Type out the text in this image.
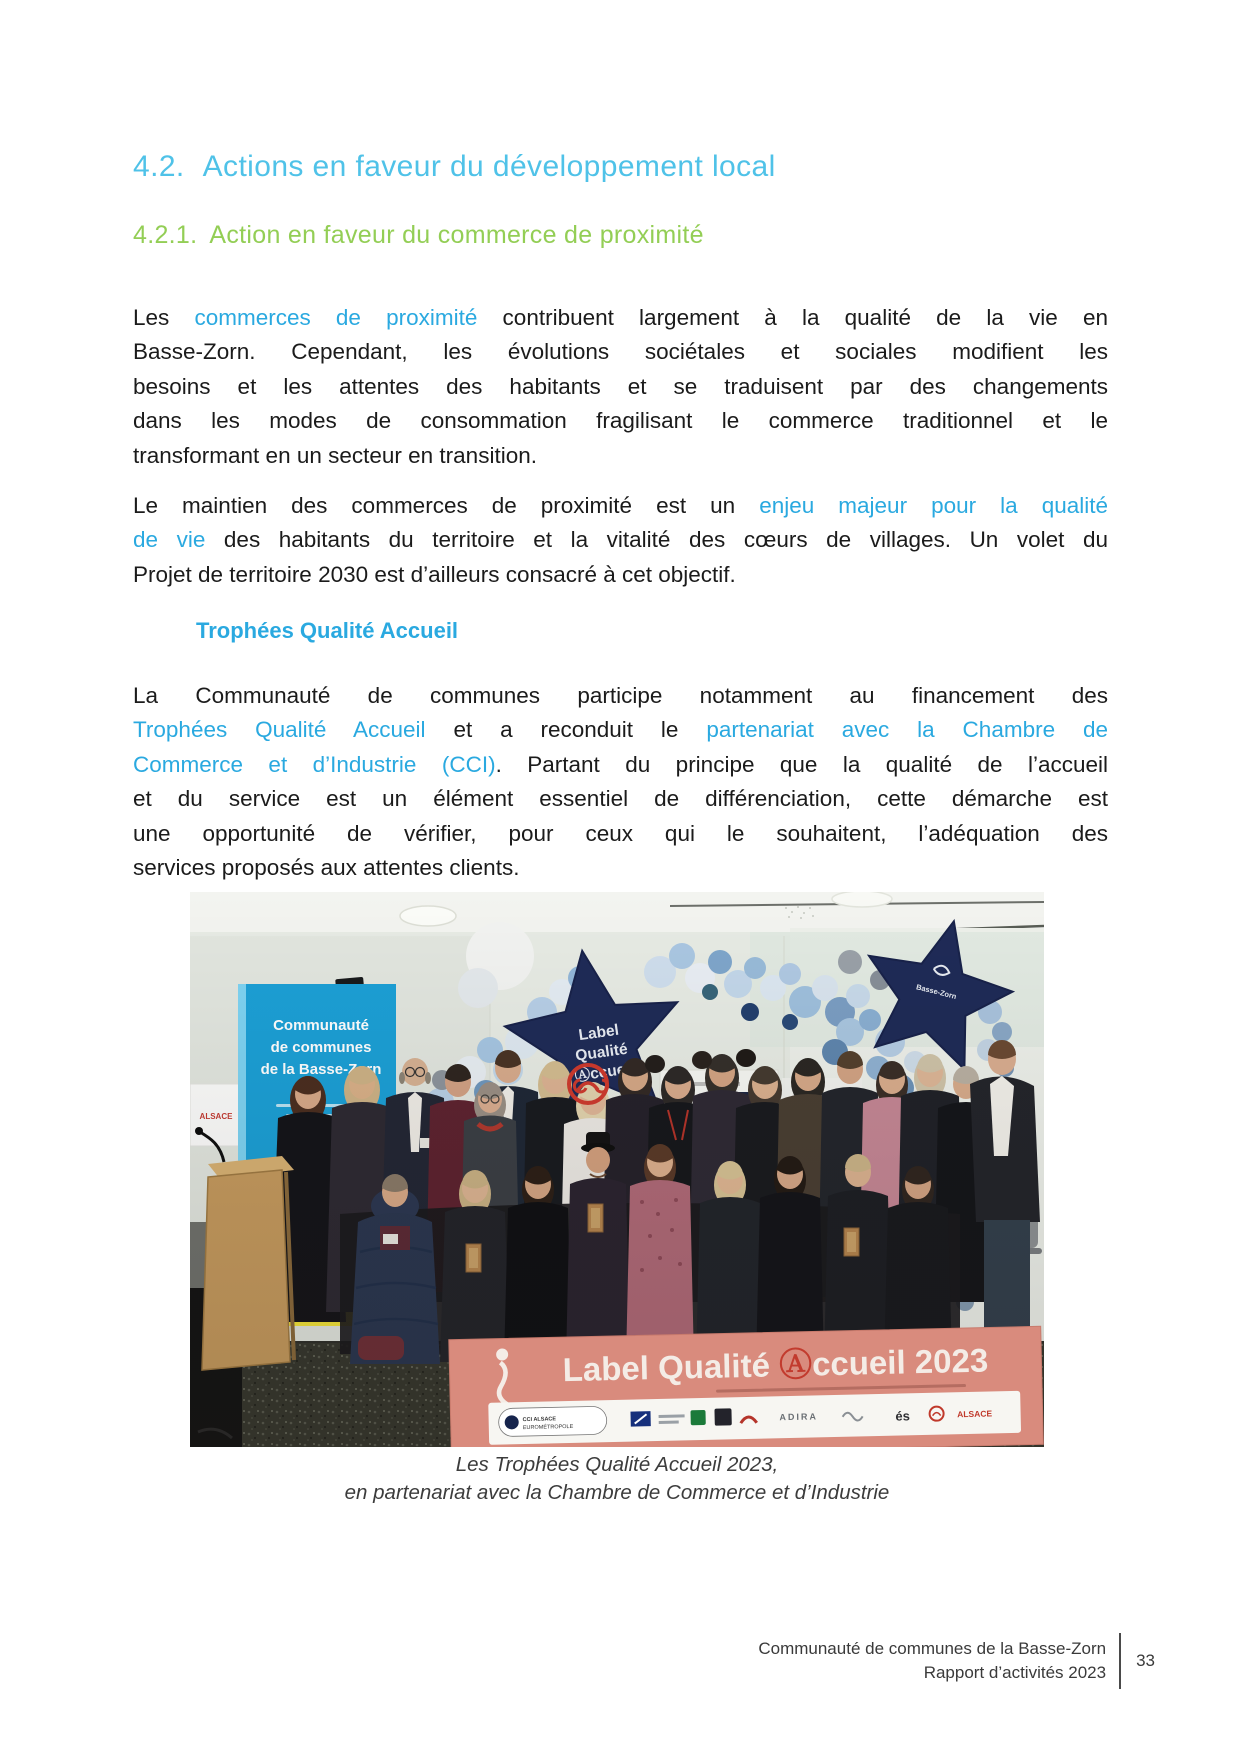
4.2. Actions en faveur du développement local
4.2.1. Action en faveur du commerce de proximité
Les commerces de proximité contribuent largement à la qualité de la vie en
Basse-Zorn. Cependant, les évolutions sociétales et sociales modifient les
besoins et les attentes des habitants et se traduisent par des changements
dans les modes de consommation fragilisant le commerce traditionnel et le
transformant en un secteur en transition.
Le maintien des commerces de proximité est un enjeu majeur pour la qualité
de vie des habitants du territoire et la vitalité des cœurs de villages. Un volet du
Projet de territoire 2030 est d’ailleurs consacré à cet objectif.
Trophées Qualité Accueil
La Communauté de communes participe notamment au financement des
Trophées Qualité Accueil et a reconduit le partenariat avec la Chambre de
Commerce et d’Industrie (CCI). Partant du principe que la qualité de l’accueil
et du service est un élément essentiel de différenciation, cette démarche est
une opportunité de vérifier, pour ceux qui le souhaitent, l’adéquation des
services proposés aux attentes clients.
Label Qualité Ⓐccueil 2023
CCI ALSACE
EUROMÉTROPOLE
ADIRA	és	ALSACE
Les Trophées Qualité Accueil 2023,
en partenariat avec la Chambre de Commerce et d’Industrie
Communauté de communes de la Basse-Zorn
Rapport d’activités 2023
33
